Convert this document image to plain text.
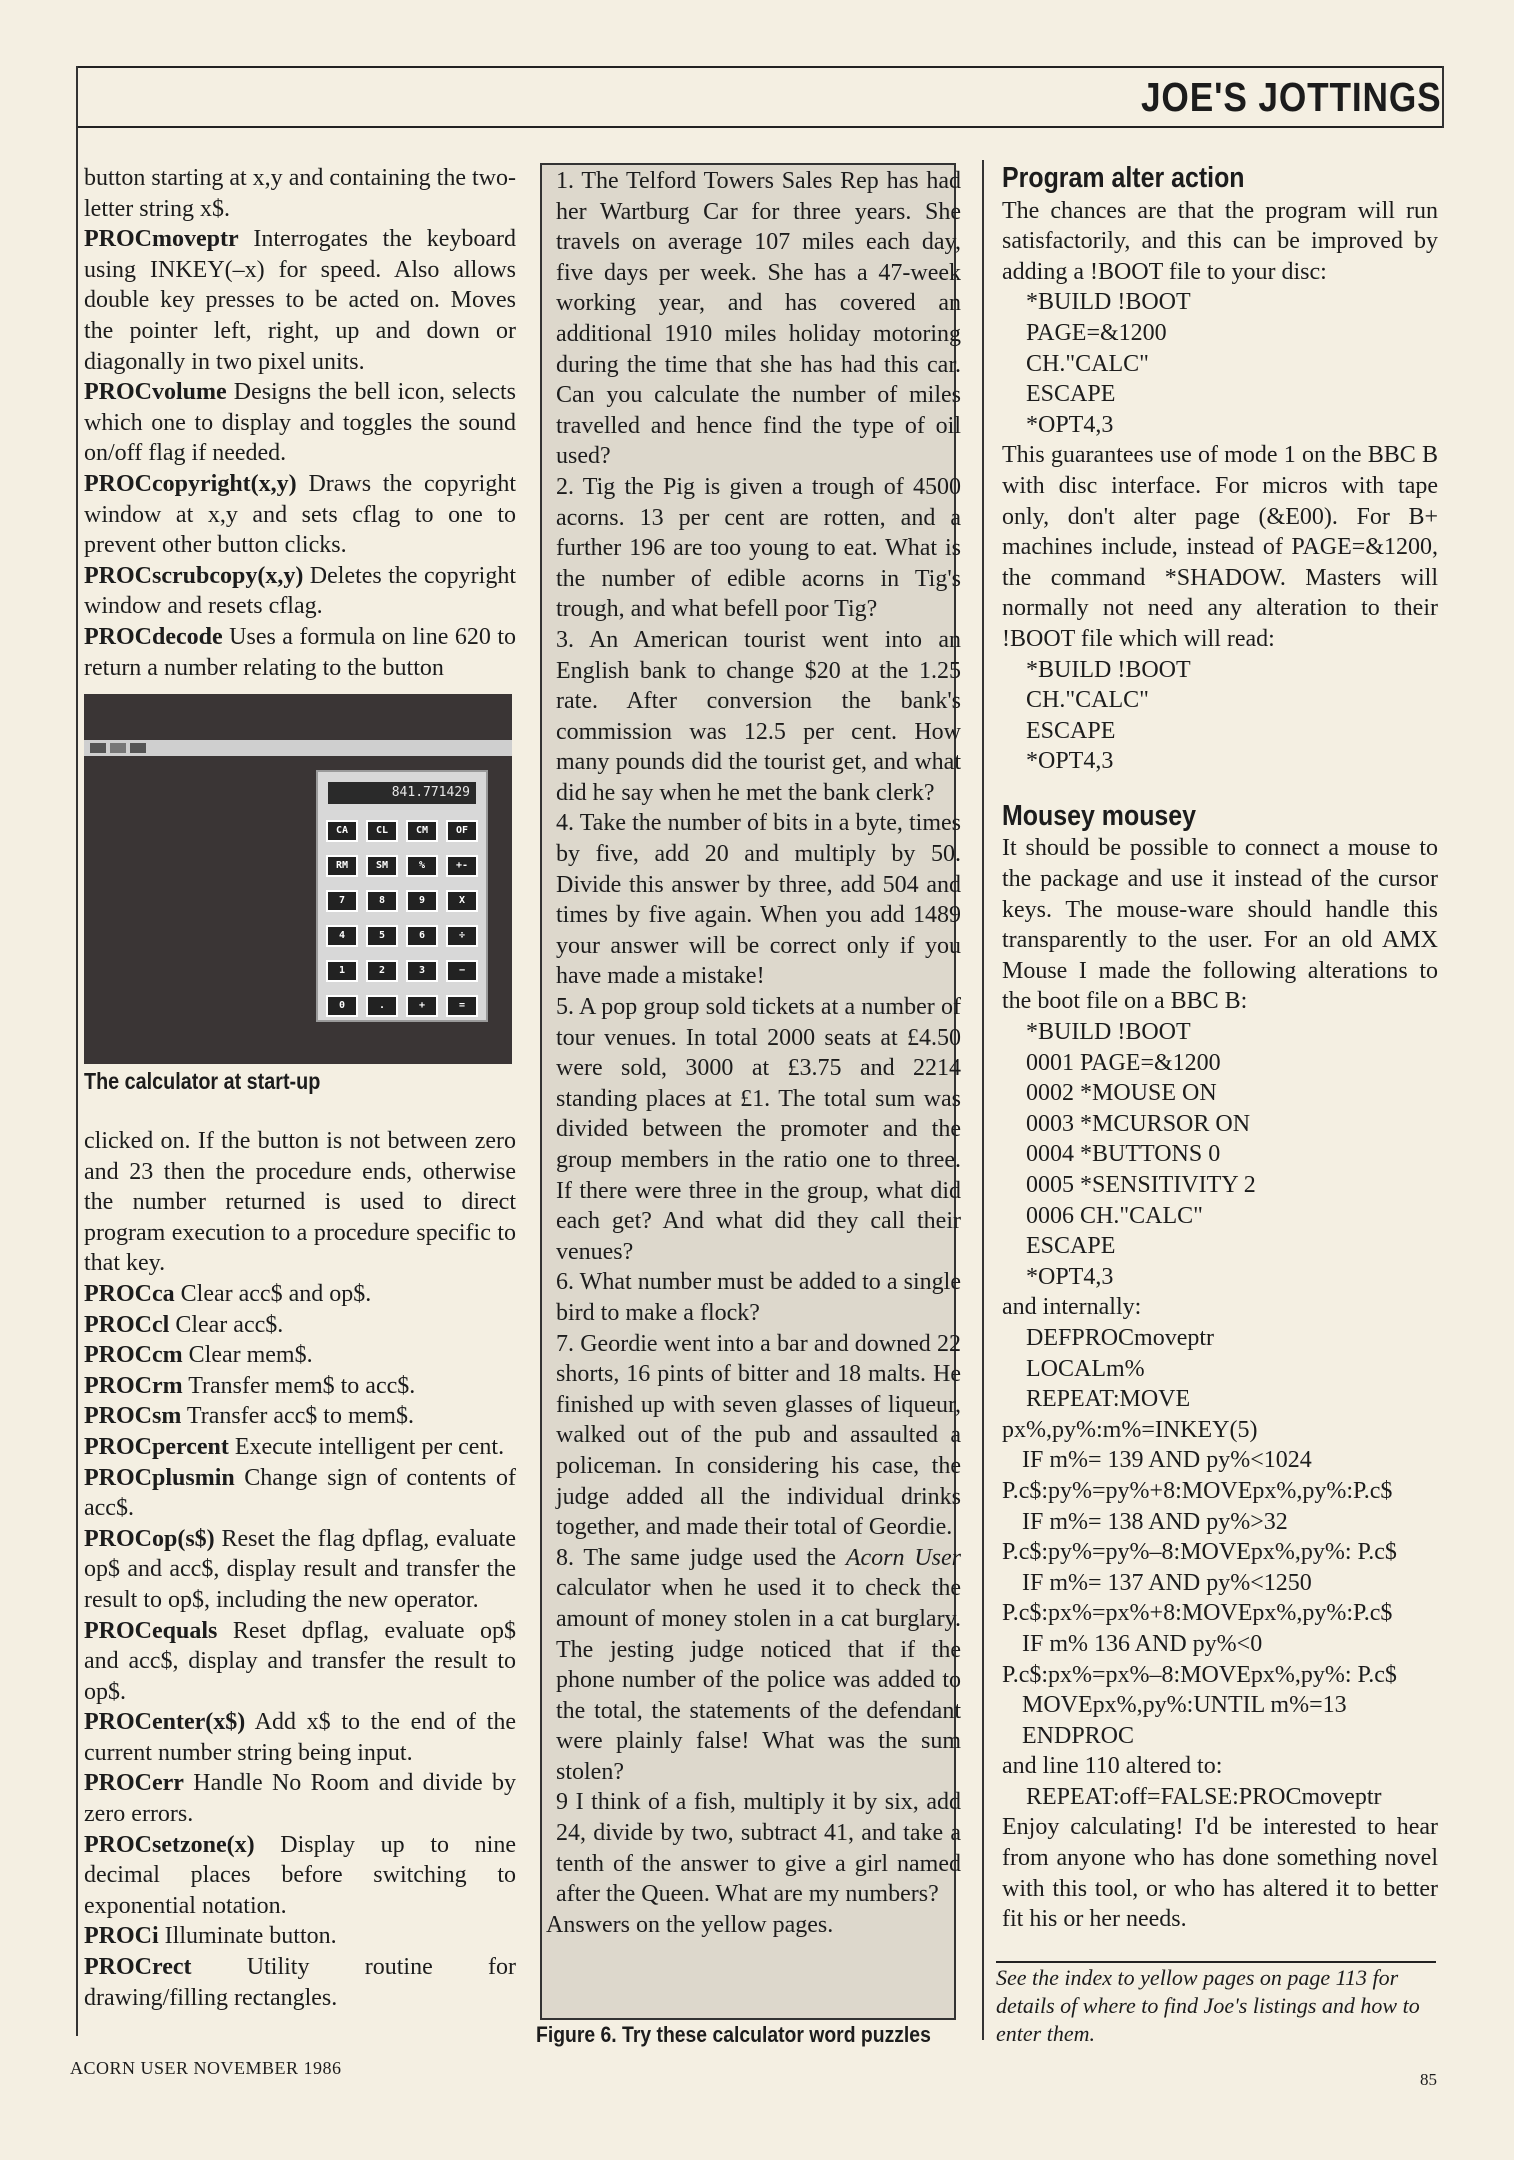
JOE'S JOTTINGS

button starting at x,y and containing the two-letter string x$.

PROCmoveptr Interrogates the keyboard using INKEY(–x) for speed. Also allows double key presses to be acted on. Moves the pointer left, right, up and down or diagonally in two pixel units.

PROCvolume Designs the bell icon, selects which one to display and toggles the sound on/off flag if needed.

PROCcopyright(x,y) Draws the copyright window at x,y and sets cflag to one to prevent other button clicks.

PROCscrubcopy(x,y) Deletes the copyright window and resets cflag.

PROCdecode Uses a formula on line 620 to return a number relating to the button

841.771429
CA	CL	CM	OF
RM	SM	%	+-
7	8	9	X
4	5	6	÷
1	2	3	−
0	.	+	=
The calculator at start-up

clicked on. If the button is not between zero and 23 then the procedure ends, otherwise the number returned is used to direct program execution to a procedure specific to that key.

PROCca Clear acc$ and op$.

PROCcl Clear acc$.

PROCcm Clear mem$.

PROCrm Transfer mem$ to acc$.

PROCsm Transfer acc$ to mem$.

PROCpercent Execute intelligent per cent.

PROCplusmin Change sign of contents of acc$.

PROCop(s$) Reset the flag dpflag, evaluate op$ and acc$, display result and transfer the result to op$, including the new operator.

PROCequals Reset dpflag, evaluate op$ and acc$, display and transfer the result to op$.

PROCenter(x$) Add x$ to the end of the current number string being input.

PROCerr Handle No Room and divide by zero errors.

PROCsetzone(x) Display up to nine decimal places before switching to exponential notation.

PROCi Illuminate button.

PROCrect Utility routine for drawing/filling rectangles.

1. The Telford Towers Sales Rep has had her Wartburg Car for three years. She travels on average 107 miles each day, five days per week. She has a 47-week working year, and has covered an additional 1910 miles holiday motoring during the time that she has had this car. Can you calculate the number of miles travelled and hence find the type of oil used?

2. Tig the Pig is given a trough of 4500 acorns. 13 per cent are rotten, and a further 196 are too young to eat. What is the number of edible acorns in Tig's trough, and what befell poor Tig?

3. An American tourist went into an English bank to change $20 at the 1.25 rate. After conversion the bank's commission was 12.5 per cent. How many pounds did the tourist get, and what did he say when he met the bank clerk?

4. Take the number of bits in a byte, times by five, add 20 and multiply by 50. Divide this answer by three, add 504 and times by five again. When you add 1489 your answer will be correct only if you have made a mistake!

5. A pop group sold tickets at a number of tour venues. In total 2000 seats at £4.50 were sold, 3000 at £3.75 and 2214 standing places at £1. The total sum was divided between the promoter and the group members in the ratio one to three. If there were three in the group, what did each get? And what did they call their venues?

6. What number must be added to a single bird to make a flock?

7. Geordie went into a bar and downed 22 shorts, 16 pints of bitter and 18 malts. He finished up with seven glasses of liqueur, walked out of the pub and assaulted a policeman. In considering his case, the judge added all the individual drinks together, and made their total of Geordie.

8. The same judge used the Acorn User calculator when he used it to check the amount of money stolen in a cat burglary. The jesting judge noticed that if the phone number of the police was added to the total, the statements of the defendant were plainly false! What was the sum stolen?

9 I think of a fish, multiply it by six, add 24, divide by two, subtract 41, and take a tenth of the answer to give a girl named after the Queen. What are my numbers?

Answers on the yellow pages.

Figure 6. Try these calculator word puzzles
Program alter action

The chances are that the program will run satisfactorily, and this can be improved by adding a !BOOT file to your disc:

*BUILD !BOOT

PAGE=&1200

CH."CALC"

ESCAPE

*OPT4,3

This guarantees use of mode 1 on the BBC B with disc interface. For micros with tape only, don't alter page (&E00). For B+ machines include, instead of PAGE=&1200, the command *SHADOW. Masters will normally not need any alteration to their !BOOT file which will read:

*BUILD !BOOT

CH."CALC"

ESCAPE

*OPT4,3

Mousey mousey

It should be possible to connect a mouse to the package and use it instead of the cursor keys. The mouse-ware should handle this transparently to the user. For an old AMX Mouse I made the following alterations to the boot file on a BBC B:

*BUILD !BOOT

0001 PAGE=&1200

0002 *MOUSE ON

0003 *MCURSOR ON

0004 *BUTTONS 0

0005 *SENSITIVITY 2

0006 CH."CALC"

ESCAPE

*OPT4,3

and internally:

DEFPROCmoveptr

LOCALm%

REPEAT:MOVE

px%,py%:m%=INKEY(5)

IF m%= 139 AND py%<1024

P.c$:py%=py%+8:MOVEpx%,py%:P.c$

IF m%= 138 AND py%>32

P.c$:py%=py%–8:MOVEpx%,py%: P.c$

IF m%= 137 AND py%<1250

P.c$:px%=px%+8:MOVEpx%,py%:P.c$

IF m% 136 AND py%<0

P.c$:px%=px%–8:MOVEpx%,py%: P.c$

MOVEpx%,py%:UNTIL m%=13

ENDPROC

and line 110 altered to:

REPEAT:off=FALSE:PROCmoveptr

Enjoy calculating! I'd be interested to hear from anyone who has done something novel with this tool, or who has altered it to better fit his or her needs.

See the index to yellow pages on page 113 for details of where to find Joe's listings and how to enter them.
ACORN USER NOVEMBER 1986
85
